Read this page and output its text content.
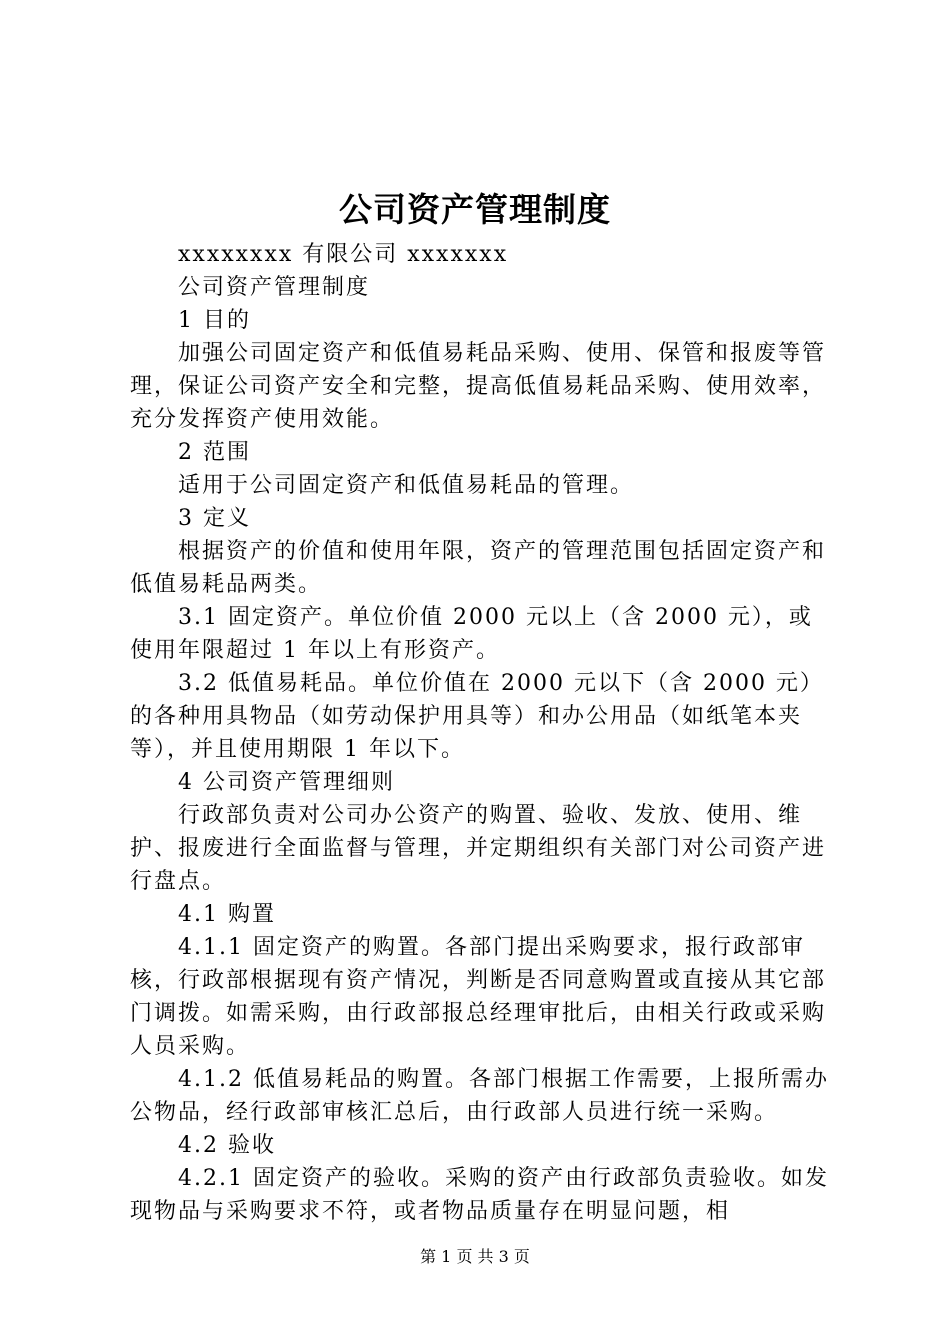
公司资产管理制度

xxxxxxxx 有限公司 xxxxxxx

公司资产管理制度

1 目的

加强公司固定资产和低值易耗品采购、使用、保管和报废等管理，保证公司资产安全和完整，提高低值易耗品采购、使用效率，充分发挥资产使用效能。

2 范围

适用于公司固定资产和低值易耗品的管理。

3 定义

根据资产的价值和使用年限，资产的管理范围包括固定资产和低值易耗品两类。

3.1 固定资产。单位价值 2000 元以上（含 2000 元），或使用年限超过 1 年以上有形资产。

3.2 低值易耗品。单位价值在 2000 元以下（含 2000 元）的各种用具物品（如劳动保护用具等）和办公用品（如纸笔本夹等），并且使用期限 1 年以下。

4 公司资产管理细则

行政部负责对公司办公资产的购置、验收、发放、使用、维护、报废进行全面监督与管理，并定期组织有关部门对公司资产进行盘点。

4.1 购置

4.1.1 固定资产的购置。各部门提出采购要求，报行政部审核，行政部根据现有资产情况，判断是否同意购置或直接从其它部门调拨。如需采购，由行政部报总经理审批后，由相关行政或采购人员采购。

4.1.2 低值易耗品的购置。各部门根据工作需要，上报所需办公物品，经行政部审核汇总后，由行政部人员进行统一采购。

4.2 验收

4.2.1 固定资产的验收。采购的资产由行政部负责验收。如发现物品与采购要求不符，或者物品质量存在明显问题，相

第 1 页 共 3 页
